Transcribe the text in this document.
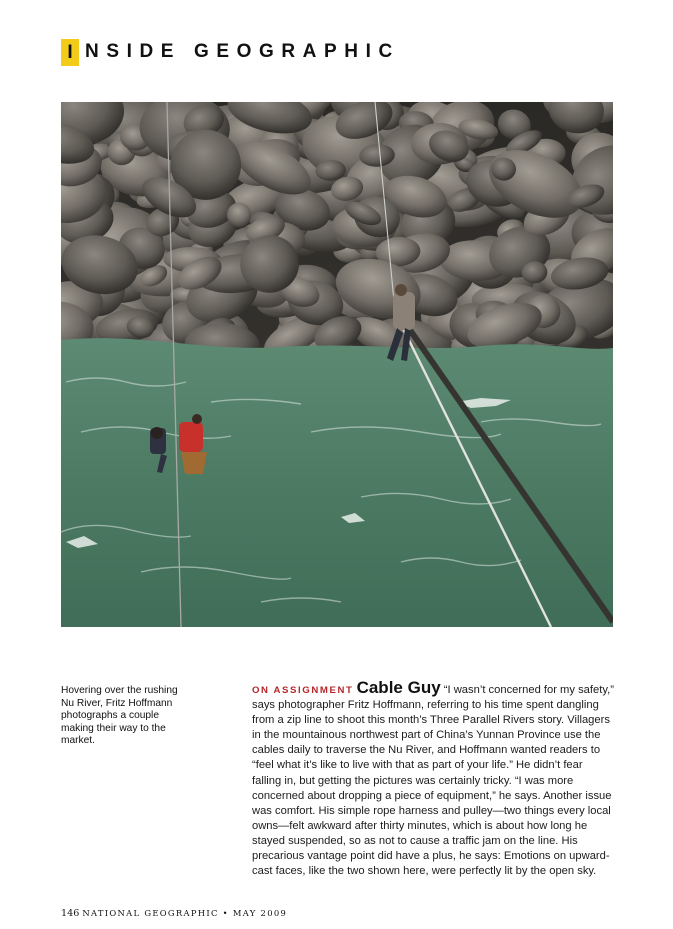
I NSIDE GEOGRAPHIC
Hovering over the rushing Nu River, Fritz Hoffmann photographs a couple making their way to the market.
ON ASSIGNMENT Cable Guy “I wasn’t concerned for my safety,” says photographer Fritz Hoffmann, referring to his time spent dangling from a zip line to shoot this month’s Three Parallel Rivers story. Villagers in the mountainous northwest part of China’s Yunnan Province use the cables daily to traverse the Nu River, and Hoffmann wanted readers to “feel what it’s like to live with that as part of your life.” He didn’t fear falling in, but getting the pictures was certainly tricky. “I was more concerned about dropping a piece of equipment,” he says. Another issue was comfort. His simple rope harness and pulley—two things every local owns—felt awkward after thirty minutes, which is about how long he stayed suspended, so as not to cause a traffic jam on the line. His precarious vantage point did have a plus, he says: Emotions on upward-cast faces, like the two shown here, were perfectly lit by the open sky.
146 NATIONAL GEOGRAPHIC • MAY 2009
